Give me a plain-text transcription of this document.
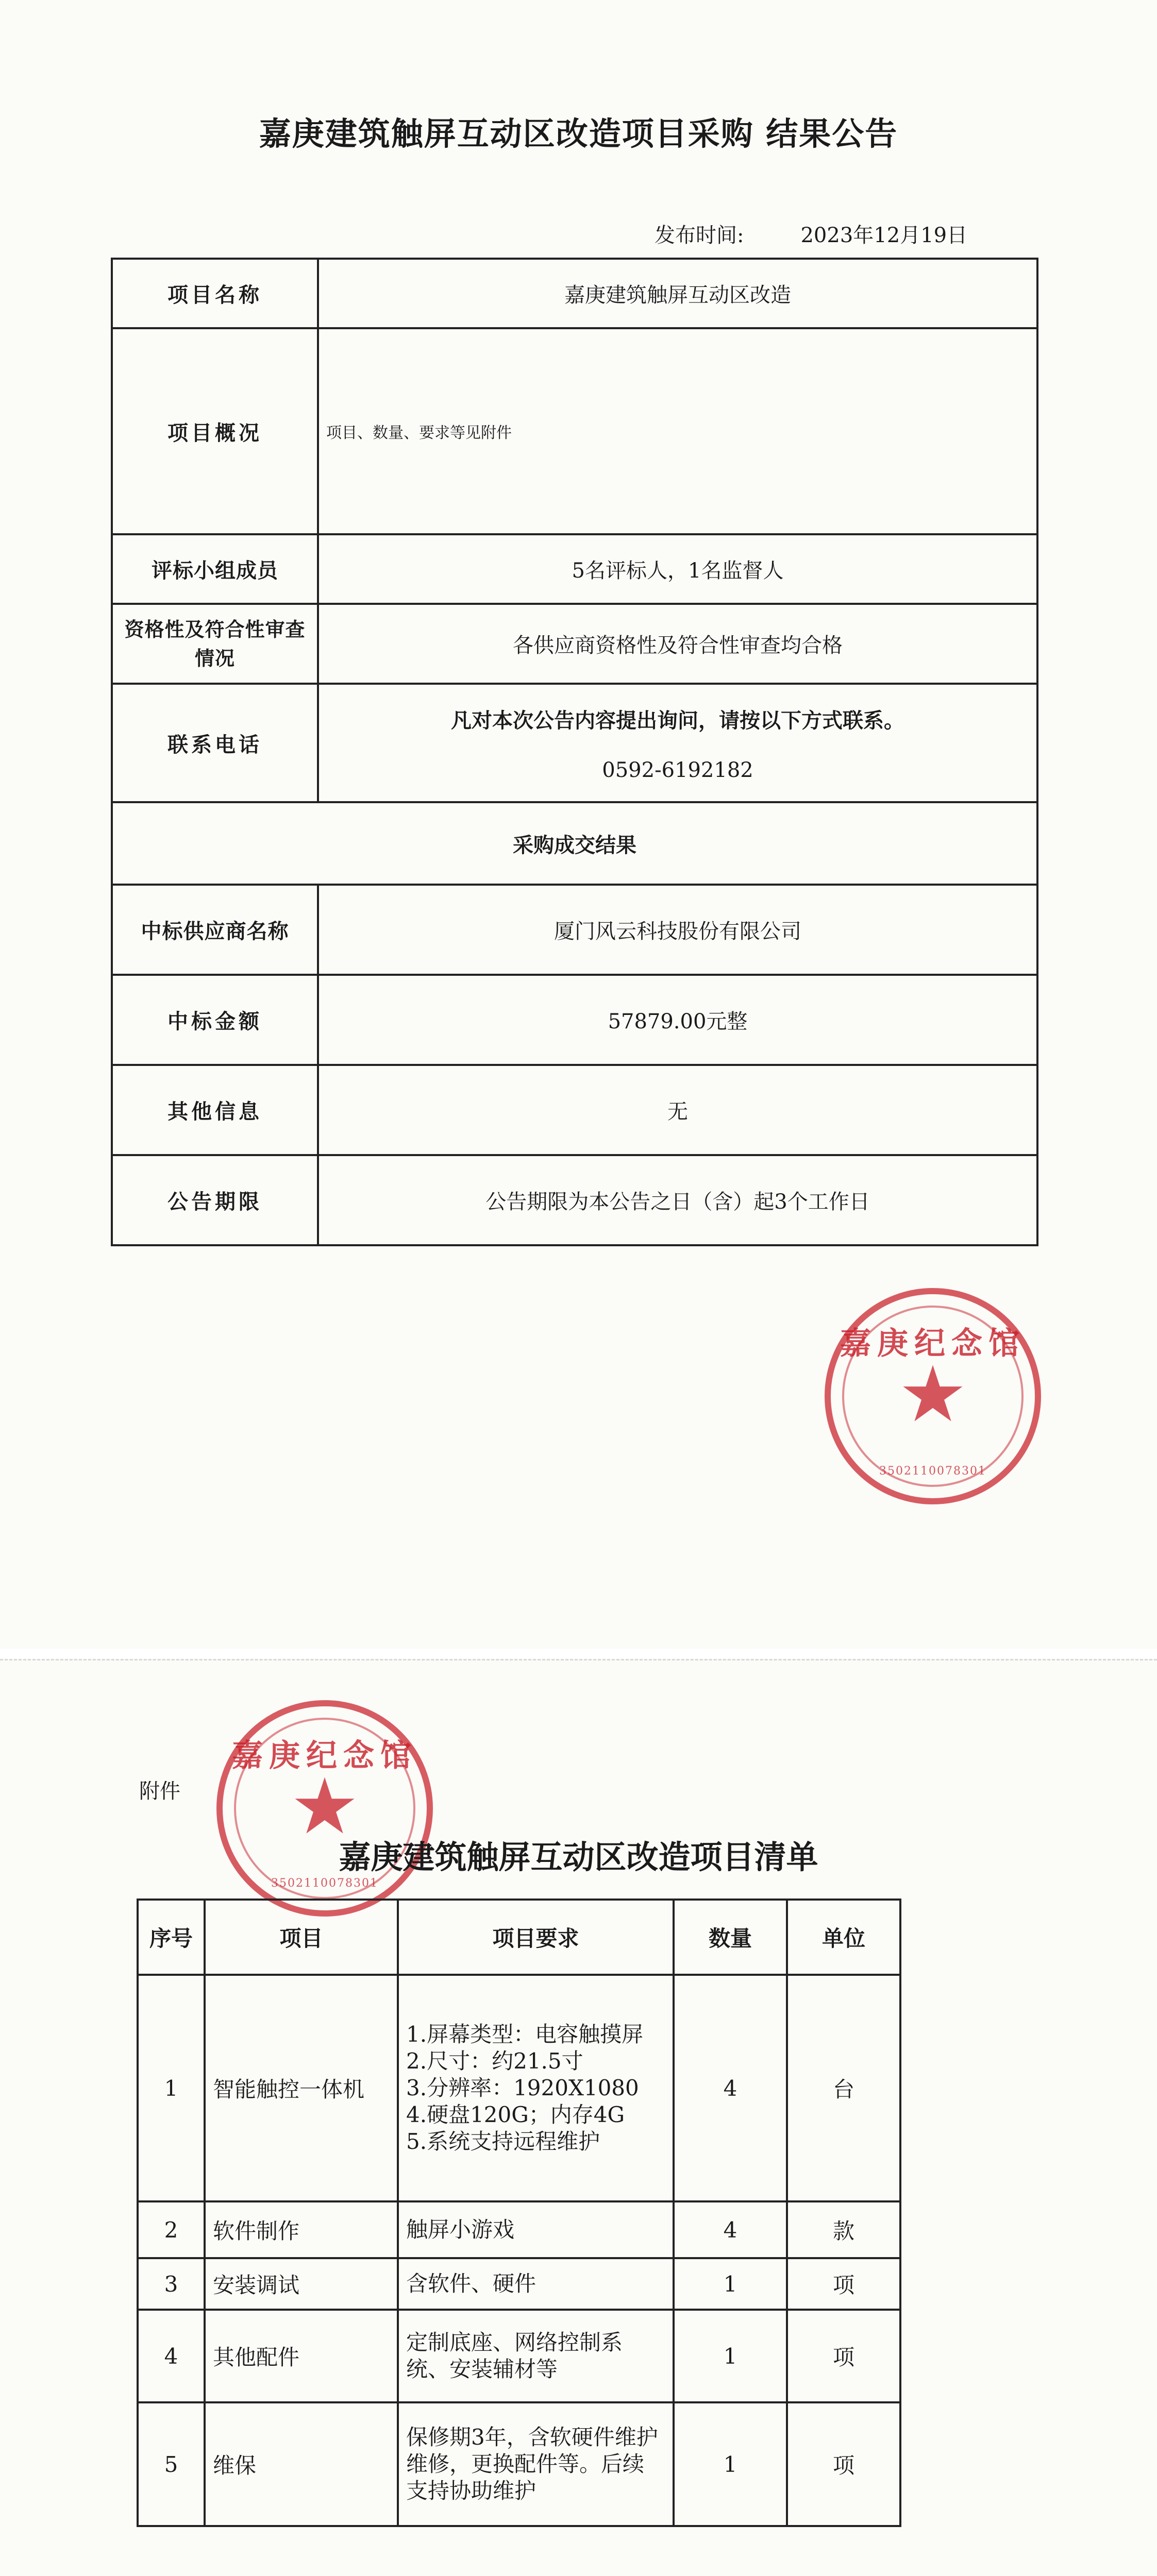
嘉庚建筑触屏互动区改造项目采购 结果公告
发布时间:	2023年12月19日
项目名称	嘉庚建筑触屏互动区改造
项目概况	项目、数量、要求等见附件
评标小组成员	5名评标人，1名监督人
资格性及符合性审查情况	各供应商资格性及符合性审查均合格
联系电话	凡对本次公告内容提出询问，请按以下方式联系。
0592-6192182
采购成交结果	
中标供应商名称	厦门风云科技股份有限公司
中标金额	57879.00元整
其他信息	无
公告期限	公告期限为本公告之日（含）起3个工作日
嘉庚纪念馆
★
3502110078301
附件
嘉庚纪念馆
★
3502110078301
嘉庚建筑触屏互动区改造项目清单
序号	项目	项目要求	数量	单位
1	智能触控一体机	1.屏幕类型：电容触摸屏
2.尺寸：约21.5寸
3.分辨率：1920X1080
4.硬盘120G；内存4G
5.系统支持远程维护	4	台
2	软件制作	触屏小游戏	4	款
3	安装调试	含软件、硬件	1	项
4	其他配件	定制底座、网络控制系统、安装辅材等	1	项
5	维保	保修期3年，含软硬件维护维修，更换配件等。后续支持协助维护	1	项
